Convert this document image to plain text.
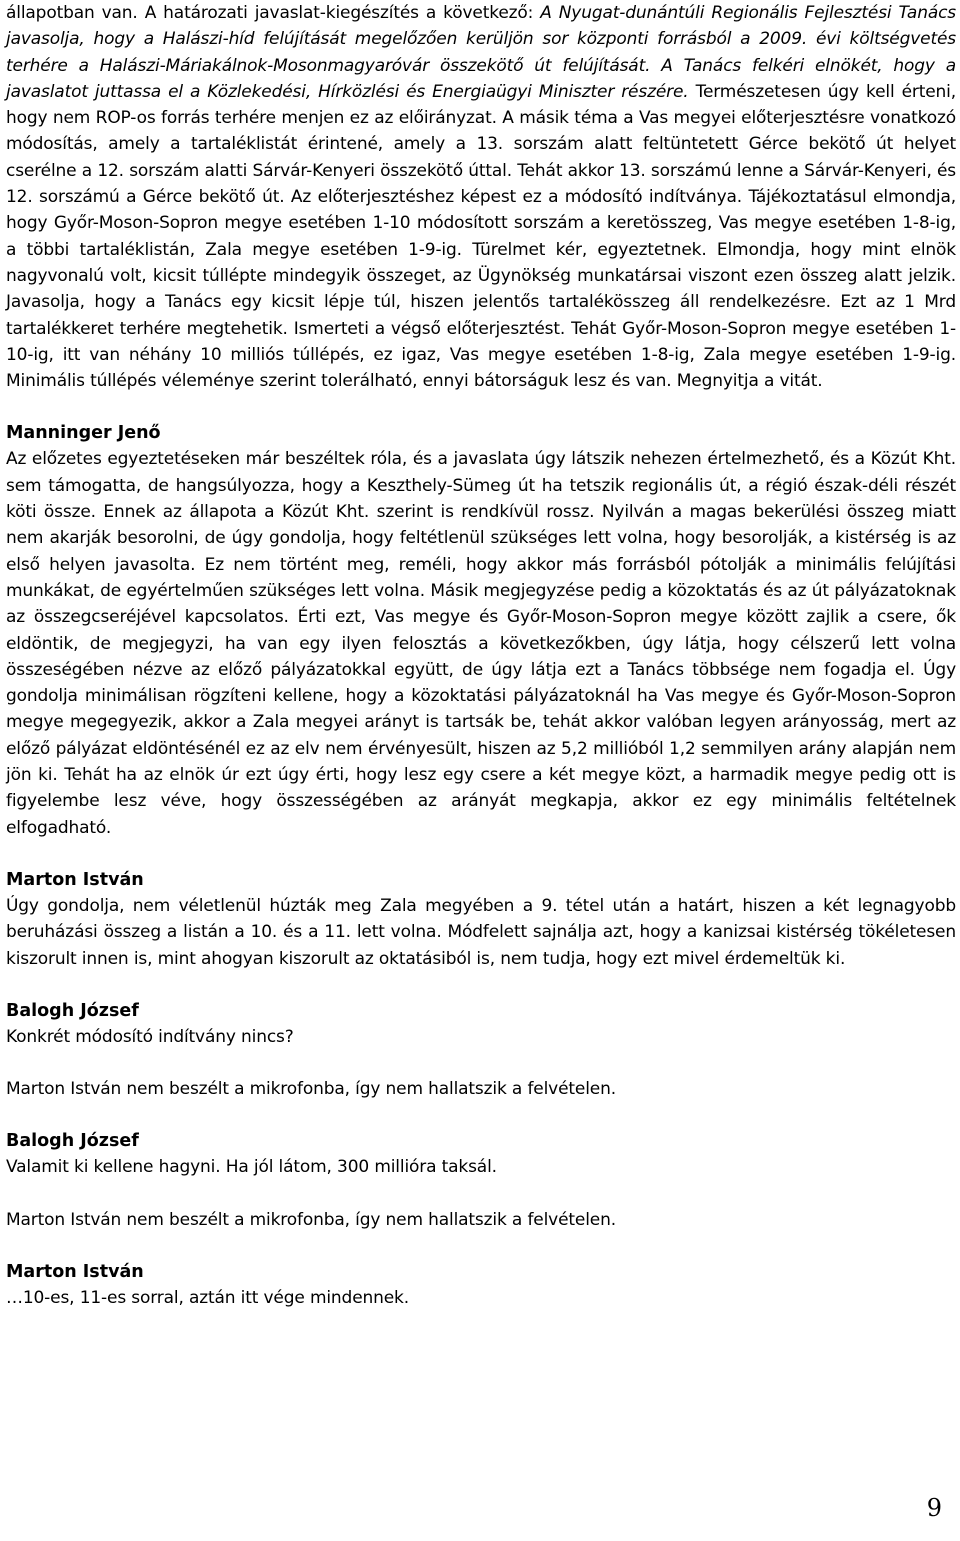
állapotban van. A határozati javaslat-kiegészítés a következő: A Nyugat-dunántúli Regionális Fejlesztési Tanács javasolja, hogy a Halászi-híd felújítását megelőzően kerüljön sor központi forrásból a 2009. évi költségvetés terhére a Halászi-Máriakálnok-Mosonmagyaróvár összekötő út felújítását. A Tanács felkéri elnökét, hogy a javaslatot juttassa el a Közlekedési, Hírközlési és Energiaügyi Miniszter részére. Természetesen úgy kell érteni, hogy nem ROP-os forrás terhére menjen ez az előirányzat. A másik téma a Vas megyei előterjesztésre vonatkozó módosítás, amely a tartaléklistát érintené, amely a 13. sorszám alatt feltüntetett Gérce bekötő út helyet cserélne a 12. sorszám alatti Sárvár-Kenyeri összekötő úttal. Tehát akkor 13. sorszámú lenne a Sárvár-Kenyeri, és 12. sorszámú a Gérce bekötő út. Az előterjesztéshez képest ez a módosító indítványa. Tájékoztatásul elmondja, hogy Győr-Moson-Sopron megye esetében 1-10 módosított sorszám a keretösszeg, Vas megye esetében 1-8-ig, a többi tartaléklistán, Zala megye esetében 1-9-ig. Türelmet kér, egyeztetnek. Elmondja, hogy mint elnök nagyvonalú volt, kicsit túllépte mindegyik összeget, az Ügynökség munkatársai viszont ezen összeg alatt jelzik. Javasolja, hogy a Tanács egy kicsit lépje túl, hiszen jelentős tartalékösszeg áll rendelkezésre. Ezt az 1 Mrd tartalékkeret terhére megtehetik. Ismerteti a végső előterjesztést. Tehát Győr-Moson-Sopron megye esetében 1-10-ig, itt van néhány 10 milliós túllépés, ez igaz, Vas megye esetében 1-8-ig, Zala megye esetében 1-9-ig. Minimális túllépés véleménye szerint tolerálható, ennyi bátorságuk lesz és van. Megnyitja a vitát.

Manninger Jenő

Az előzetes egyeztetéseken már beszéltek róla, és a javaslata úgy látszik nehezen értelmezhető, és a Közút Kht. sem támogatta, de hangsúlyozza, hogy a Keszthely-Sümeg út ha tetszik regionális út, a régió észak-déli részét köti össze. Ennek az állapota a Közút Kht. szerint is rendkívül rossz. Nyilván a magas bekerülési összeg miatt nem akarják besorolni, de úgy gondolja, hogy feltétlenül szükséges lett volna, hogy besorolják, a kistérség is az első helyen javasolta. Ez nem történt meg, reméli, hogy akkor más forrásból pótolják a minimális felújítási munkákat, de egyértelműen szükséges lett volna. Másik megjegyzése pedig a közoktatás és az út pályázatoknak az összegcseréjével kapcsolatos. Érti ezt, Vas megye és Győr-Moson-Sopron megye között zajlik a csere, ők eldöntik, de megjegyzi, ha van egy ilyen felosztás a következőkben, úgy látja, hogy célszerű lett volna összeségében nézve az előző pályázatokkal együtt, de úgy látja ezt a Tanács többsége nem fogadja el. Úgy gondolja minimálisan rögzíteni kellene, hogy a közoktatási pályázatoknál ha Vas megye és Győr-Moson-Sopron megye megegyezik, akkor a Zala megyei arányt is tartsák be, tehát akkor valóban legyen arányosság, mert az előző pályázat eldöntésénél ez az elv nem érvényesült, hiszen az 5,2 millióból 1,2 semmilyen arány alapján nem jön ki. Tehát ha az elnök úr ezt úgy érti, hogy lesz egy csere a két megye közt, a harmadik megye pedig ott is figyelembe lesz véve, hogy összességében az arányát megkapja, akkor ez egy minimális feltételnek elfogadható.

Marton István

Úgy gondolja, nem véletlenül húzták meg Zala megyében a 9. tétel után a határt, hiszen a két legnagyobb beruházási összeg a listán a 10. és a 11. lett volna. Módfelett sajnálja azt, hogy a kanizsai kistérség tökéletesen kiszorult innen is, mint ahogyan kiszorult az oktatásiból is, nem tudja, hogy ezt mivel érdemeltük ki.

Balogh József

Konkrét módosító indítvány nincs?

Marton István nem beszélt a mikrofonba, így nem hallatszik a felvételen.

Balogh József

Valamit ki kellene hagyni. Ha jól látom, 300 millióra taksál.

Marton István nem beszélt a mikrofonba, így nem hallatszik a felvételen.

Marton István

…10-es, 11-es sorral, aztán itt vége mindennek.

9
